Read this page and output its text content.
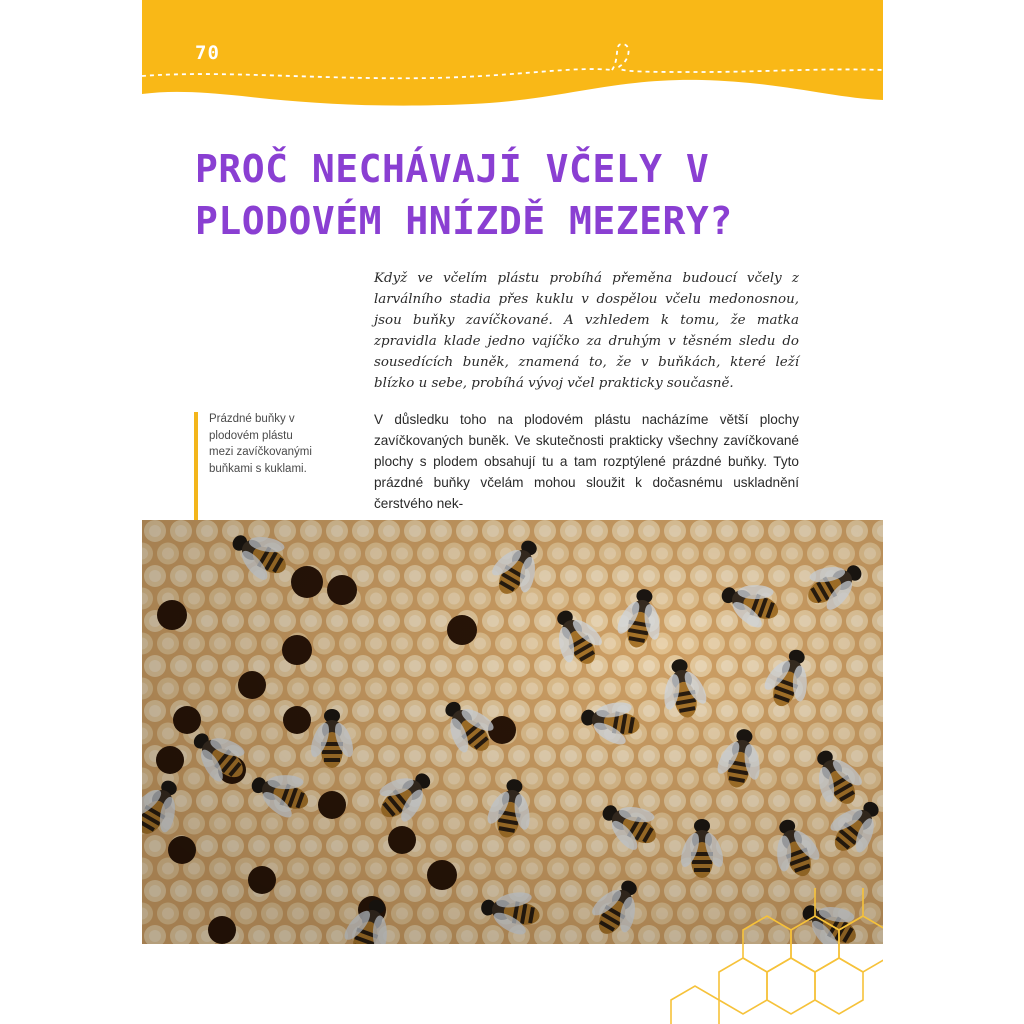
70
PROČ NECHÁVAJÍ VČELY V PLODOVÉM HNÍZDĚ MEZERY?

Když ve včelím plástu probíhá přeměna budoucí včely z larválního stadia přes kuklu v dospělou včelu medonosnou, jsou buňky zavíčkované. A vzhledem k tomu, že matka zpravidla klade jedno vajíčko za druhým v těsném sledu do sousedících buněk, znamená to, že v buňkách, které leží blízko u sebe, probíhá vývoj včel prakticky současně.

V důsledku toho na plodovém plástu nacházíme větší plochy zavíčkovaných buněk. Ve skutečnosti prakticky všechny zavíčkované plochy s plodem obsahují tu a tam rozptýlené prázdné buňky. Tyto prázdné buňky včelám mohou sloužit k dočasnému uskladnění čerstvého nek-

Prázdné buňky v plodovém plástu mezi zavíčkovanými buňkami s kuklami.
